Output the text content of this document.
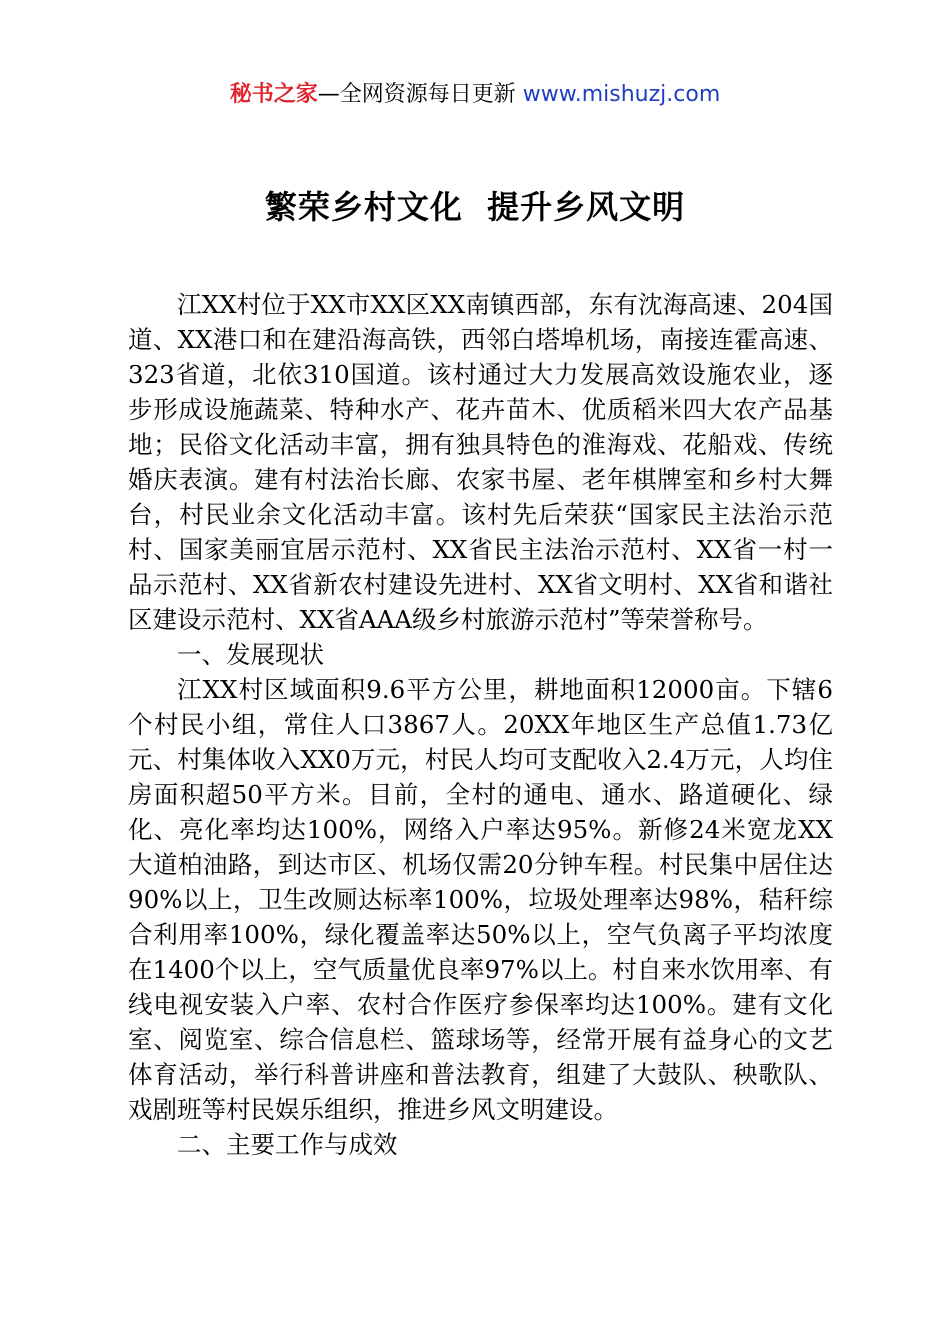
秘书之家—全网资源每日更新 www.mishuzj.com
繁荣乡村文化  提升乡风文明

江XX村位于XX市XX区XX南镇西部，东有沈海高速、204国道、XX港口和在建沿海高铁，西邻白塔埠机场，南接连霍高速、323省道，北依310国道。该村通过大力发展高效设施农业，逐步形成设施蔬菜、特种水产、花卉苗木、优质稻米四大农产品基地；民俗文化活动丰富，拥有独具特色的淮海戏、花船戏、传统婚庆表演。建有村法治长廊、农家书屋、老年棋牌室和乡村大舞台，村民业余文化活动丰富。该村先后荣获“国家民主法治示范村、国家美丽宜居示范村、XX省民主法治示范村、XX省一村一品示范村、XX省新农村建设先进村、XX省文明村、XX省和谐社区建设示范村、XX省AAA级乡村旅游示范村”等荣誉称号。

一、发展现状

江XX村区域面积9.6平方公里，耕地面积12000亩。下辖6个村民小组，常住人口3867人。20XX年地区生产总值1.73亿元、村集体收入XX0万元，村民人均可支配收入2.4万元，人均住房面积超50平方米。目前，全村的通电、通水、路道硬化、绿化、亮化率均达100%，网络入户率达95%。新修24米宽龙XX大道柏油路，到达市区、机场仅需20分钟车程。村民集中居住达90%以上，卫生改厕达标率100%，垃圾处理率达98%，秸秆综合利用率100%，绿化覆盖率达50%以上，空气负离子平均浓度在1400个以上，空气质量优良率97%以上。村自来水饮用率、有线电视安装入户率、农村合作医疗参保率均达100%。建有文化室、阅览室、综合信息栏、篮球场等，经常开展有益身心的文艺体育活动，举行科普讲座和普法教育，组建了大鼓队、秧歌队、戏剧班等村民娱乐组织，推进乡风文明建设。

二、主要工作与成效
